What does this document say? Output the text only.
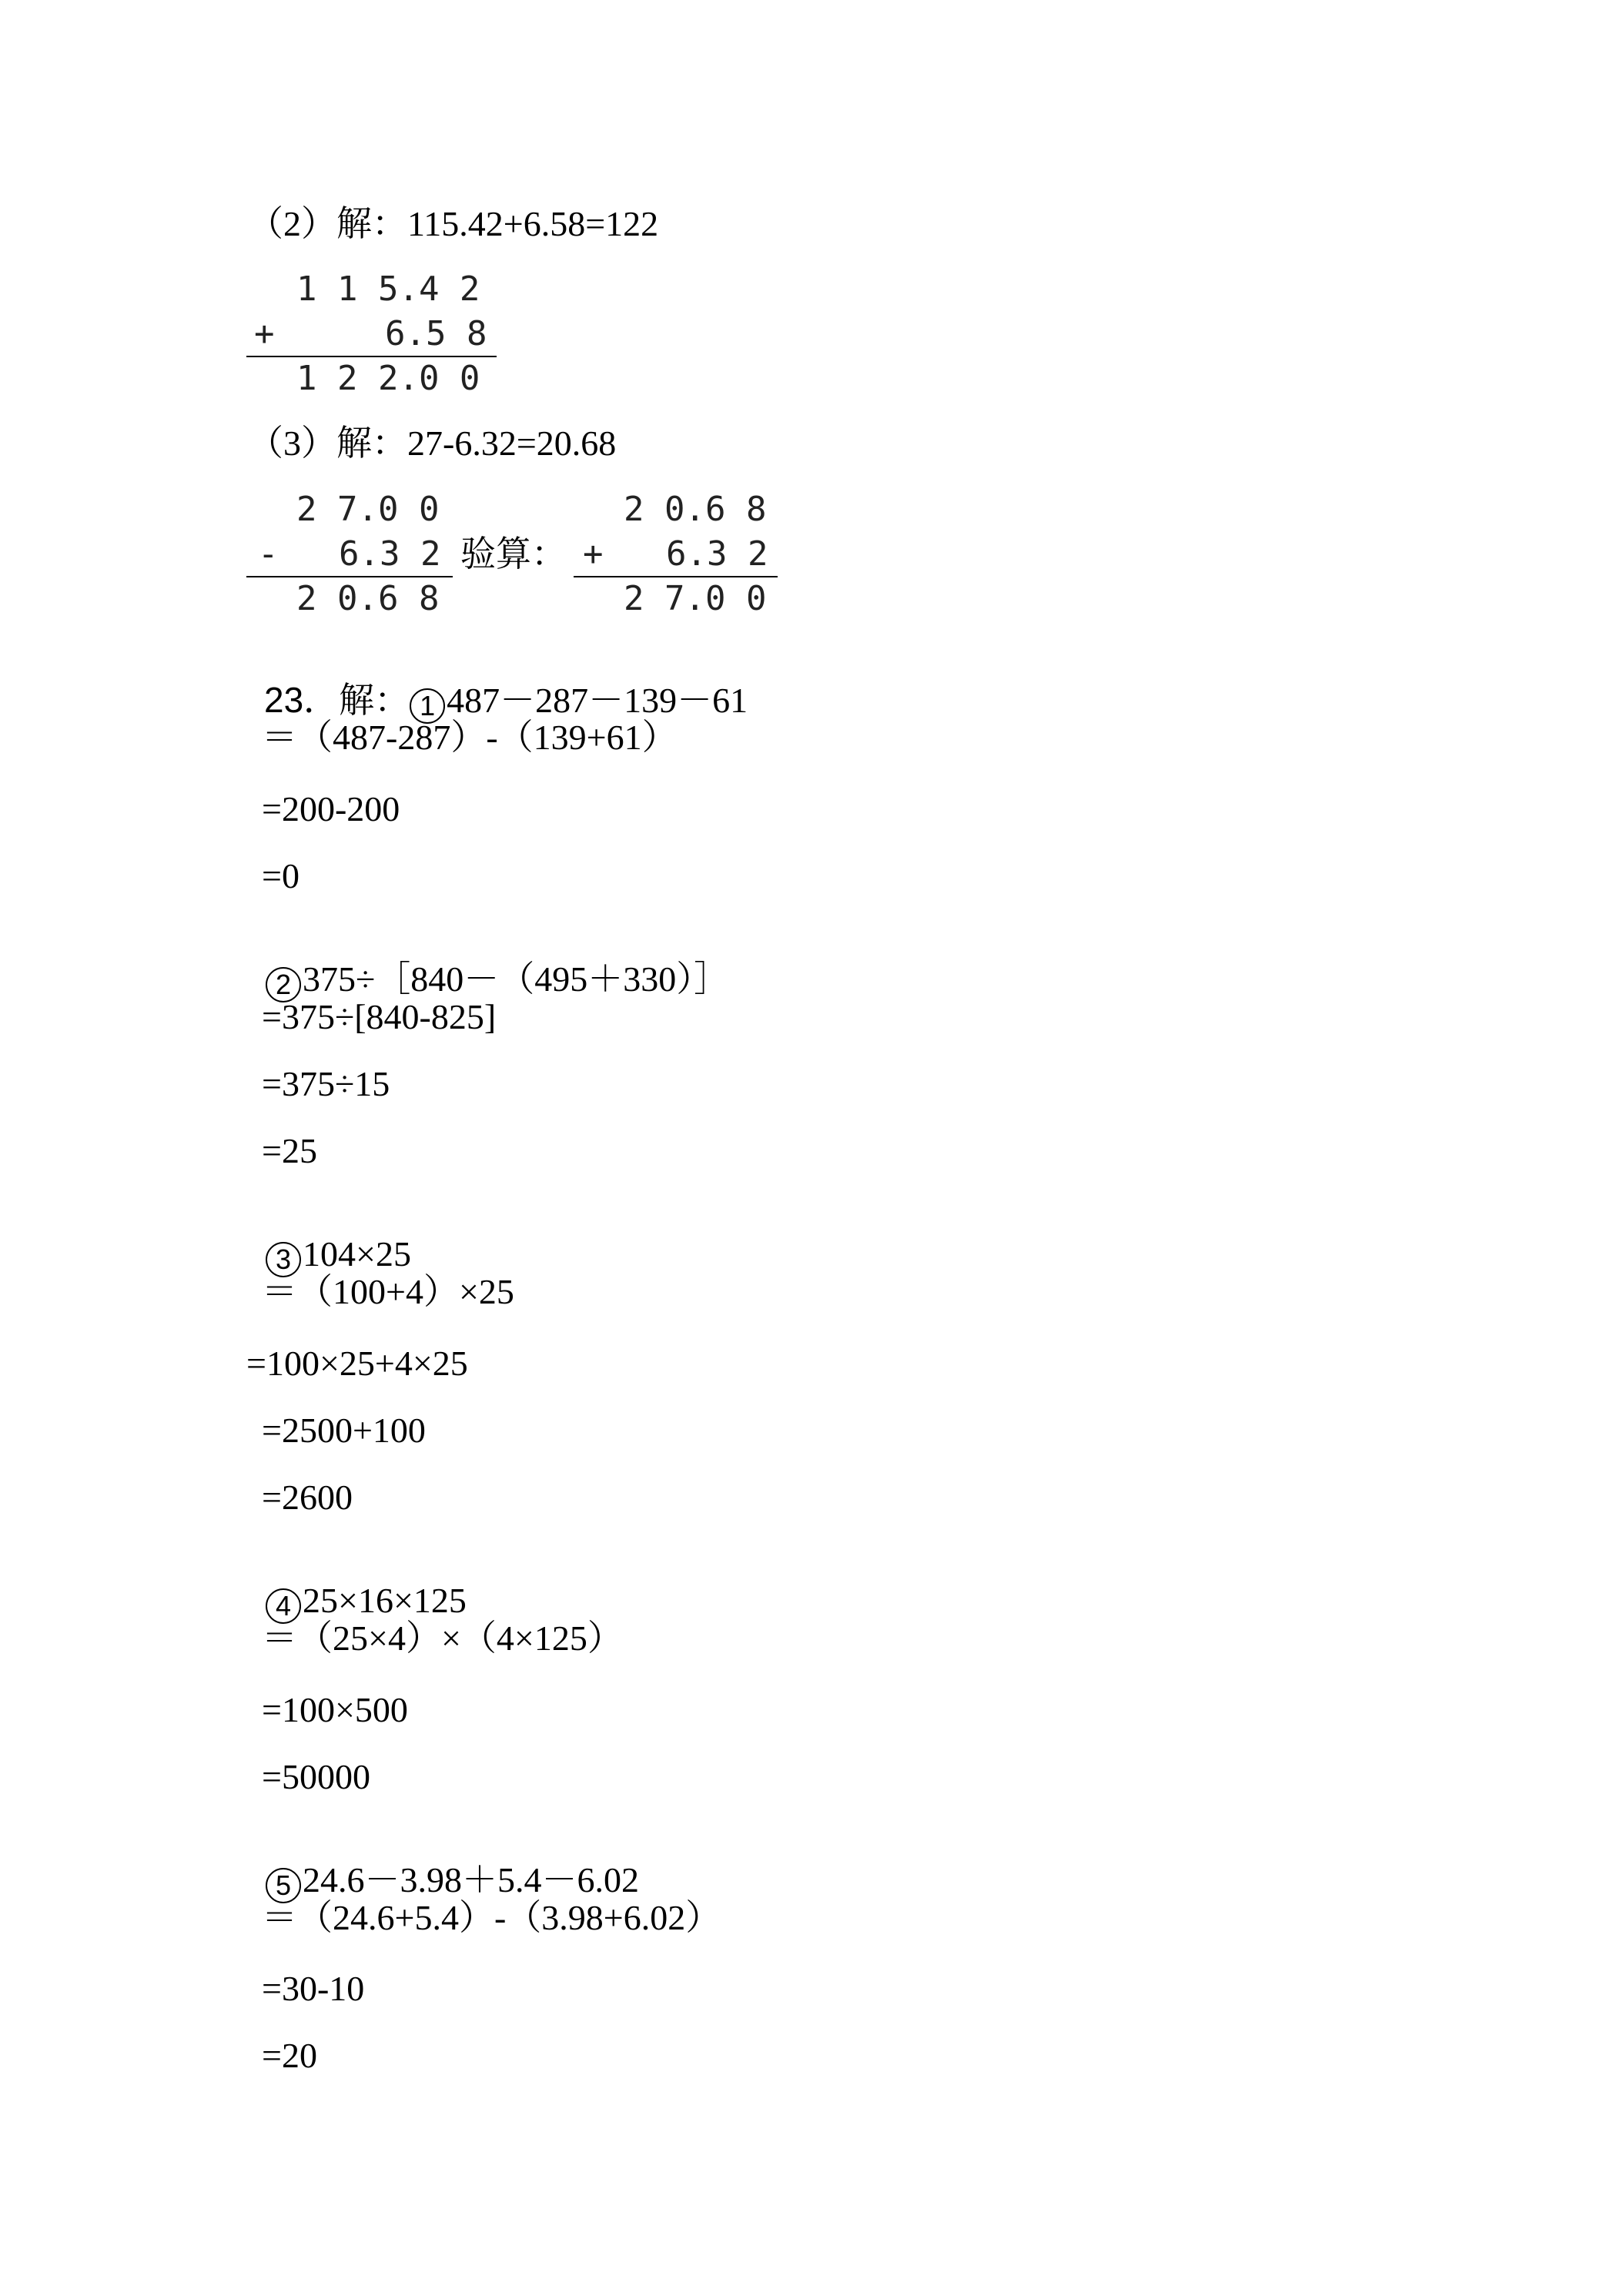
（2）解：115.42+6.58=122
1 1 5.4 2
+	6.5 8
1 2 2.0 0
（3）解：27-6.32=20.68
2 7.0 0
- 6.3 2
2 0.6 8
验算：
2 0.6 8
+ 6.3 2
2 7.0 0

23．解： 1 487－287－139－61

＝（487-287）-（139+61）
=200-200
=0

2 375÷［840－（495＋330）］

=375÷[840-825]
=375÷15
=25

3 104×25

＝（100+4）×25
=100×25+4×25
=2500+100
=2600

4 25×16×125

＝（25×4）×（4×125）
=100×500
=50000

5 24.6－3.98＋5.4－6.02

＝（24.6+5.4）-（3.98+6.02）
=30-10
=20
